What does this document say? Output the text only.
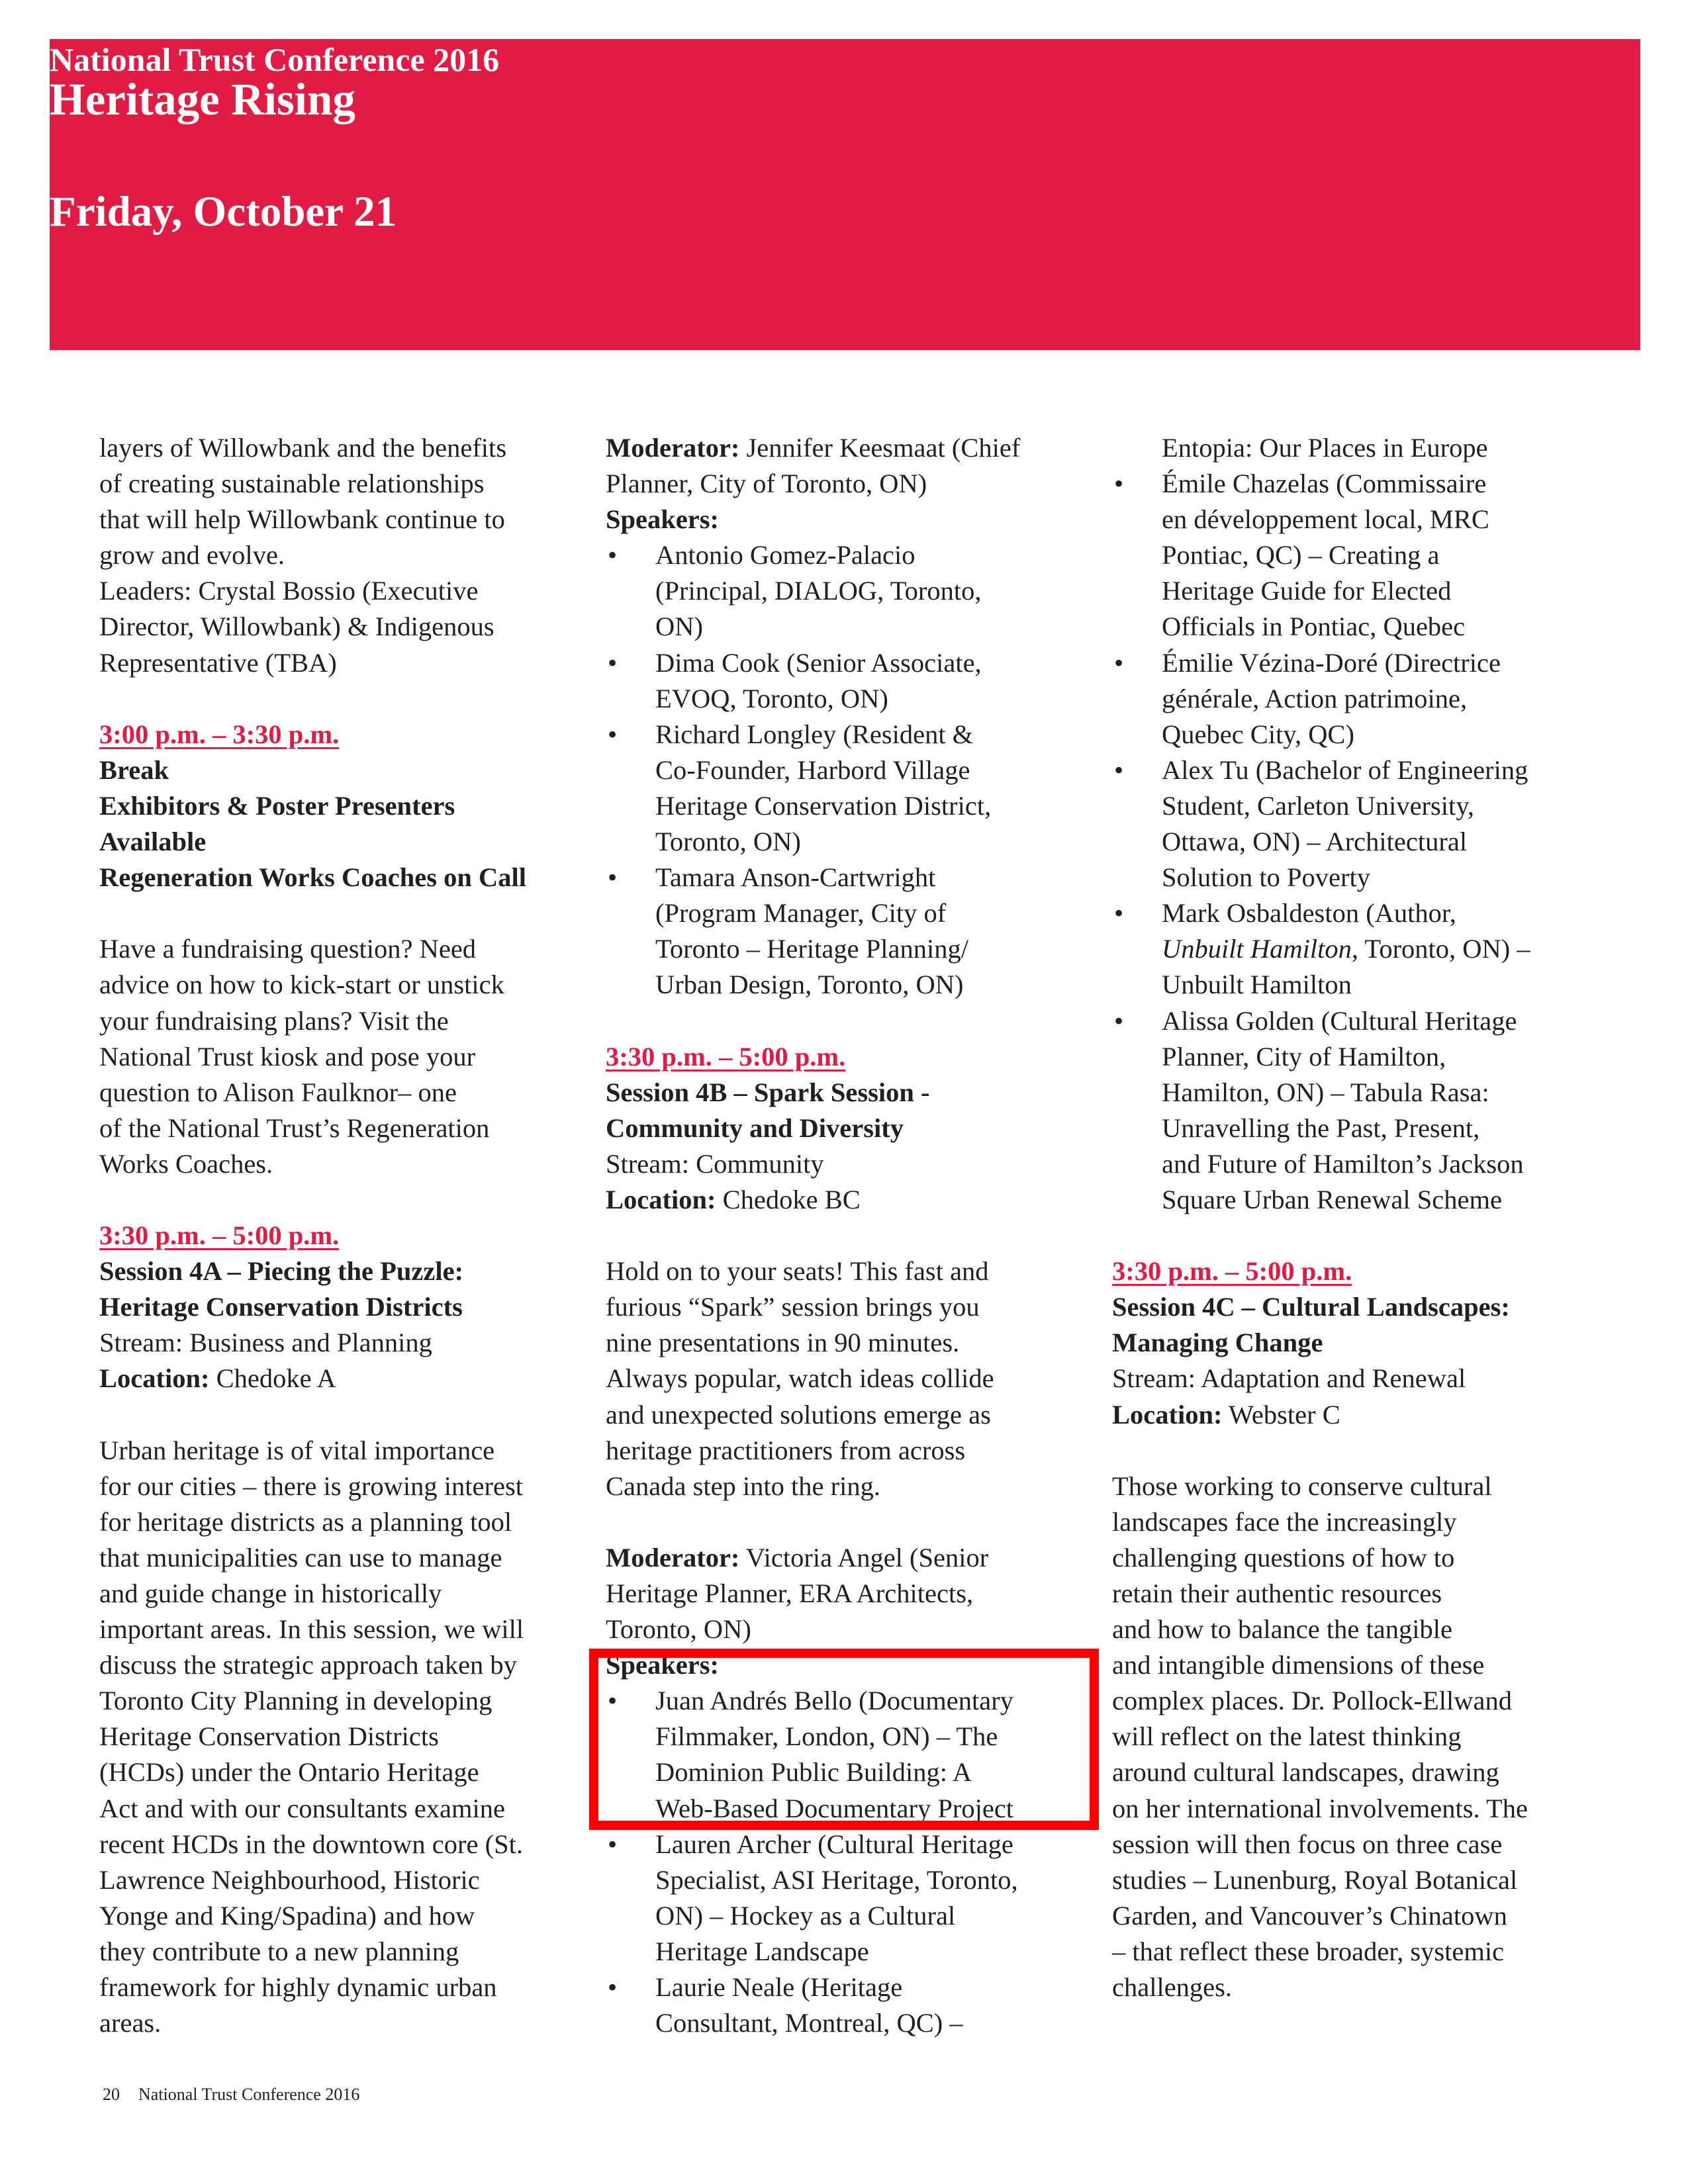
National Trust Conference 2016
Heritage Rising
Friday, October 21

layers of Willowbank and the benefits

of creating sustainable relationships

that will help Willowbank continue to

grow and evolve.

Leaders: Crystal Bossio (Executive

Director, Willowbank) & Indigenous

Representative (TBA)

3:00 p.m. – 3:30 p.m.

Break

Exhibitors & Poster Presenters

Available

Regeneration Works Coaches on Call

Have a fundraising question? Need

advice on how to kick-start or unstick

your fundraising plans? Visit the

National Trust kiosk and pose your

question to Alison Faulknor– one

of the National Trust’s Regeneration

Works Coaches.

3:30 p.m. – 5:00 p.m.

Session 4A – Piecing the Puzzle:

Heritage Conservation Districts

Stream: Business and Planning

Location: Chedoke A

Urban heritage is of vital importance

for our cities – there is growing interest

for heritage districts as a planning tool

that municipalities can use to manage

and guide change in historically

important areas. In this session, we will

discuss the strategic approach taken by

Toronto City Planning in developing

Heritage Conservation Districts

(HCDs) under the Ontario Heritage

Act and with our consultants examine

recent HCDs in the downtown core (St.

Lawrence Neighbourhood, Historic

Yonge and King/Spadina) and how

they contribute to a new planning

framework for highly dynamic urban

areas.

Moderator: Jennifer Keesmaat (Chief

Planner, City of Toronto, ON)

Speakers:

• Antonio Gomez-Palacio
(Principal, DIALOG, Toronto,
ON)
• Dima Cook (Senior Associate,
EVOQ, Toronto, ON)
• Richard Longley (Resident &
Co-Founder, Harbord Village
Heritage Conservation District,
Toronto, ON)
• Tamara Anson-Cartwright
(Program Manager, City of
Toronto – Heritage Planning/
Urban Design, Toronto, ON)

3:30 p.m. – 5:00 p.m.

Session 4B – Spark Session -

Community and Diversity

Stream: Community

Location: Chedoke BC

Hold on to your seats! This fast and

furious “Spark” session brings you

nine presentations in 90 minutes.

Always popular, watch ideas collide

and unexpected solutions emerge as

heritage practitioners from across

Canada step into the ring.

Moderator: Victoria Angel (Senior

Heritage Planner, ERA Architects,

Toronto, ON)

Speakers:

• Juan Andrés Bello (Documentary
Filmmaker, London, ON) – The
Dominion Public Building: A
Web-Based Documentary Project
• Lauren Archer (Cultural Heritage
Specialist, ASI Heritage, Toronto,
ON) – Hockey as a Cultural
Heritage Landscape
• Laurie Neale (Heritage
Consultant, Montreal, QC) –

Entopia: Our Places in Europe

• Émile Chazelas (Commissaire
en développement local, MRC
Pontiac, QC) – Creating a
Heritage Guide for Elected
Officials in Pontiac, Quebec
• Émilie Vézina-Doré (Directrice
générale, Action patrimoine,
Quebec City, QC)
• Alex Tu (Bachelor of Engineering
Student, Carleton University,
Ottawa, ON) – Architectural
Solution to Poverty
• Mark Osbaldeston (Author,
Unbuilt Hamilton, Toronto, ON) –
Unbuilt Hamilton
• Alissa Golden (Cultural Heritage
Planner, City of Hamilton,
Hamilton, ON) – Tabula Rasa:
Unravelling the Past, Present,
and Future of Hamilton’s Jackson
Square Urban Renewal Scheme

3:30 p.m. – 5:00 p.m.

Session 4C – Cultural Landscapes:

Managing Change

Stream: Adaptation and Renewal

Location: Webster C

Those working to conserve cultural

landscapes face the increasingly

challenging questions of how to

retain their authentic resources

and how to balance the tangible

and intangible dimensions of these

complex places. Dr. Pollock-Ellwand

will reflect on the latest thinking

around cultural landscapes, drawing

on her international involvements. The

session will then focus on three case

studies – Lunenburg, Royal Botanical

Garden, and Vancouver’s Chinatown

– that reflect these broader, systemic

challenges.

20 National Trust Conference 2016
